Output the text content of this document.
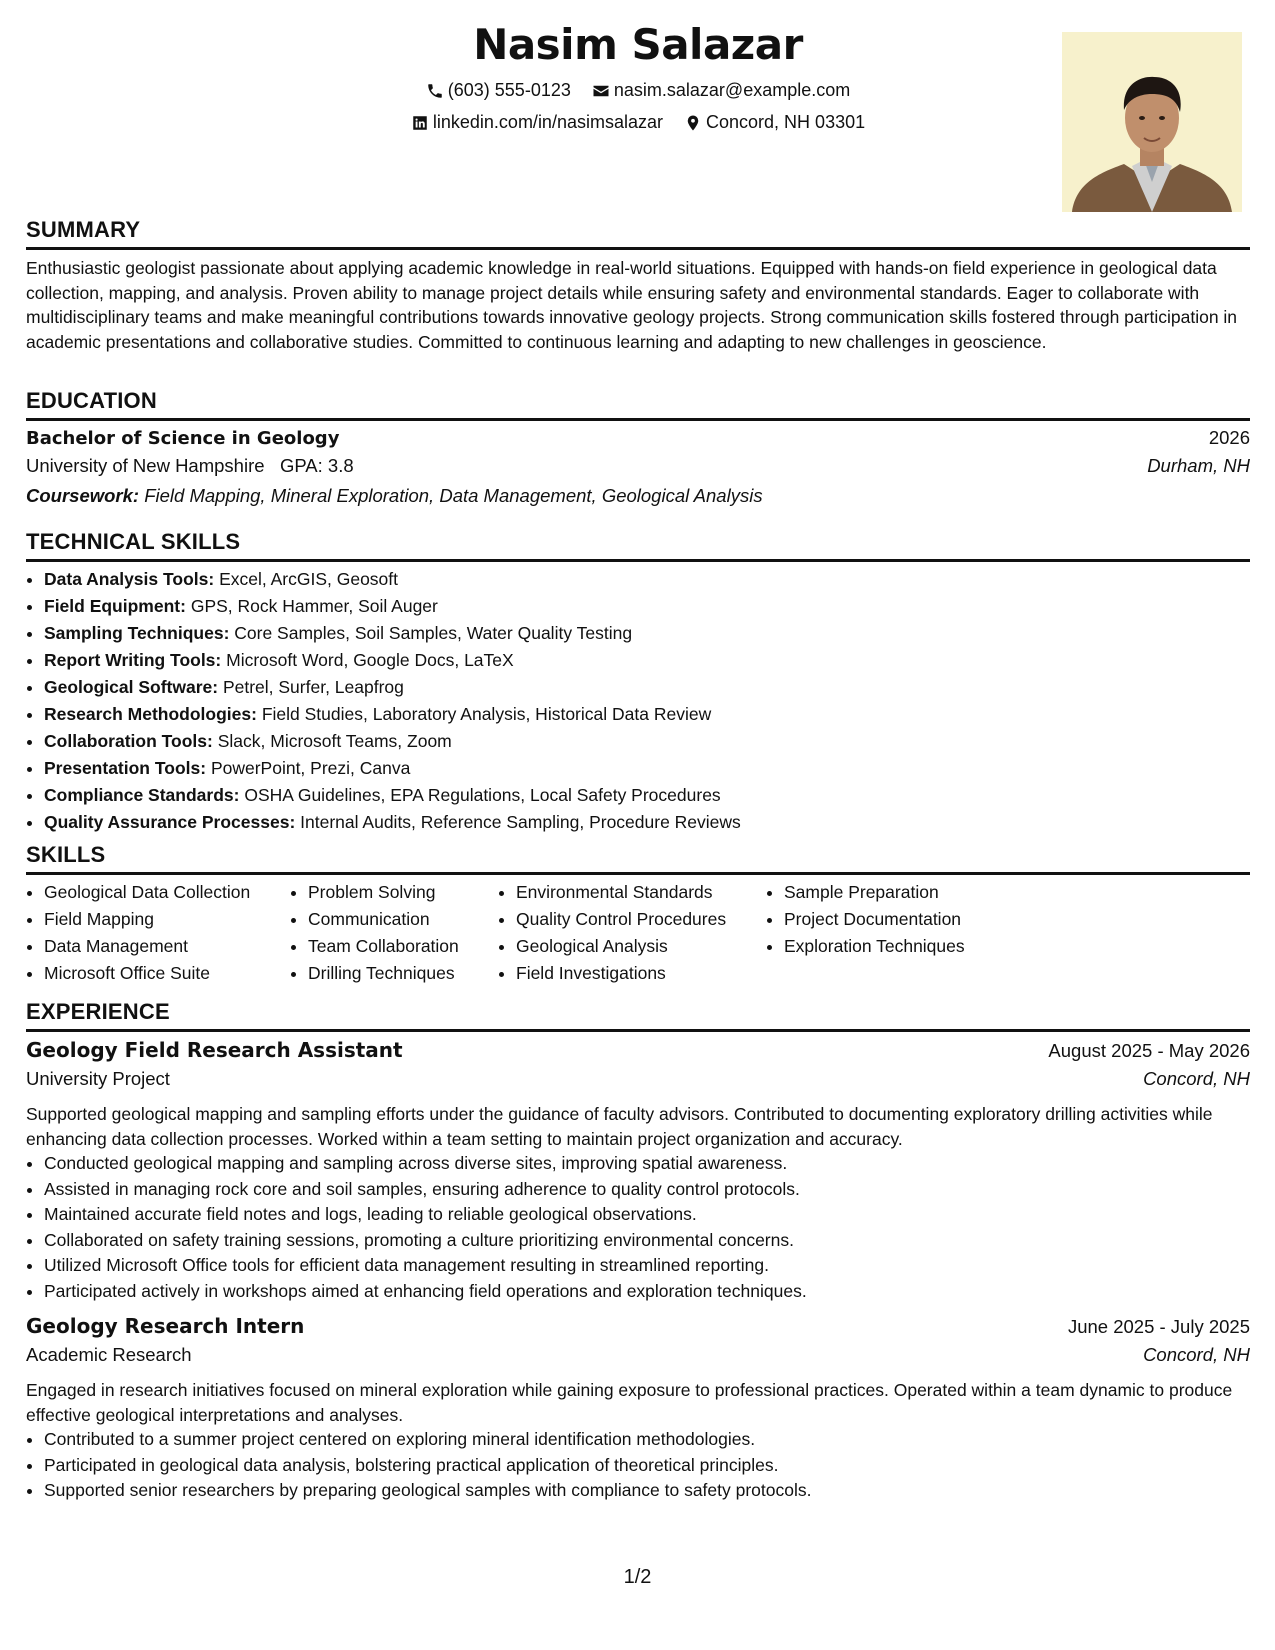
Nasim Salazar
(603) 555-0123
nasim.salazar@example.com
linkedin.com/in/nasimsalazar
Concord, NH 03301
SUMMARY

Enthusiastic geologist passionate about applying academic knowledge in real-world situations. Equipped with hands-on field experience in geological data collection, mapping, and analysis. Proven ability to manage project details while ensuring safety and environmental standards. Eager to collaborate with multidisciplinary teams and make meaningful contributions towards innovative geology projects. Strong communication skills fostered through participation in academic presentations and collaborative studies. Committed to continuous learning and adapting to new challenges in geoscience.

EDUCATION
Bachelor of Science in Geology	2026
University of New Hampshire GPA: 3.8	Durham, NH
Coursework: Field Mapping, Mineral Exploration, Data Management, Geological Analysis
TECHNICAL SKILLS
• Data Analysis Tools: Excel, ArcGIS, Geosoft
• Field Equipment: GPS, Rock Hammer, Soil Auger
• Sampling Techniques: Core Samples, Soil Samples, Water Quality Testing
• Report Writing Tools: Microsoft Word, Google Docs, LaTeX
• Geological Software: Petrel, Surfer, Leapfrog
• Research Methodologies: Field Studies, Laboratory Analysis, Historical Data Review
• Collaboration Tools: Slack, Microsoft Teams, Zoom
• Presentation Tools: PowerPoint, Prezi, Canva
• Compliance Standards: OSHA Guidelines, EPA Regulations, Local Safety Procedures
• Quality Assurance Processes: Internal Audits, Reference Sampling, Procedure Reviews
SKILLS
• Geological Data Collection
• Field Mapping
• Data Management
• Microsoft Office Suite
• Problem Solving
• Communication
• Team Collaboration
• Drilling Techniques
• Environmental Standards
• Quality Control Procedures
• Geological Analysis
• Field Investigations
• Sample Preparation
• Project Documentation
• Exploration Techniques
EXPERIENCE
Geology Field Research Assistant	August 2025 - May 2026
University Project	Concord, NH

Supported geological mapping and sampling efforts under the guidance of faculty advisors. Contributed to documenting exploratory drilling activities while enhancing data collection processes. Worked within a team setting to maintain project organization and accuracy.

• Conducted geological mapping and sampling across diverse sites, improving spatial awareness.
• Assisted in managing rock core and soil samples, ensuring adherence to quality control protocols.
• Maintained accurate field notes and logs, leading to reliable geological observations.
• Collaborated on safety training sessions, promoting a culture prioritizing environmental concerns.
• Utilized Microsoft Office tools for efficient data management resulting in streamlined reporting.
• Participated actively in workshops aimed at enhancing field operations and exploration techniques.
Geology Research Intern	June 2025 - July 2025
Academic Research	Concord, NH

Engaged in research initiatives focused on mineral exploration while gaining exposure to professional practices. Operated within a team dynamic to produce effective geological interpretations and analyses.

• Contributed to a summer project centered on exploring mineral identification methodologies.
• Participated in geological data analysis, bolstering practical application of theoretical principles.
• Supported senior researchers by preparing geological samples with compliance to safety protocols.
1/2
